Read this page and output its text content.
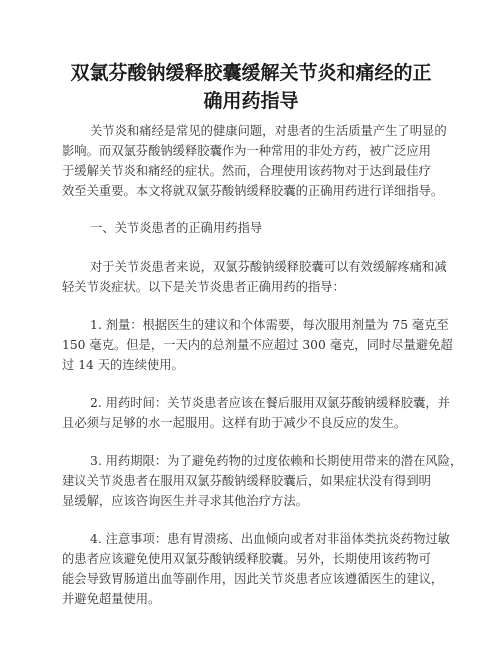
双氯芬酸钠缓释胶囊缓解关节炎和痛经的正
确用药指导

关节炎和痛经是常见的健康问题，对患者的生活质量产生了明显的
影响。而双氯芬酸钠缓释胶囊作为一种常用的非处方药，被广泛应用
于缓解关节炎和痛经的症状。然而，合理使用该药物对于达到最佳疗
效至关重要。本文将就双氯芬酸钠缓释胶囊的正确用药进行详细指导。

一、关节炎患者的正确用药指导

对于关节炎患者来说，双氯芬酸钠缓释胶囊可以有效缓解疼痛和减
轻关节炎症状。以下是关节炎患者正确用药的指导：

1. 剂量：根据医生的建议和个体需要，每次服用剂量为 75 毫克至
150 毫克。但是，一天内的总剂量不应超过 300 毫克，同时尽量避免超
过 14 天的连续使用。

2. 用药时间：关节炎患者应该在餐后服用双氯芬酸钠缓释胶囊，并
且必须与足够的水一起服用。这样有助于减少不良反应的发生。

3. 用药期限：为了避免药物的过度依赖和长期使用带来的潜在风险，
建议关节炎患者在服用双氯芬酸钠缓释胶囊后，如果症状没有得到明
显缓解，应该咨询医生并寻求其他治疗方法。

4. 注意事项：患有胃溃疡、出血倾向或者对非甾体类抗炎药物过敏
的患者应该避免使用双氯芬酸钠缓释胶囊。另外，长期使用该药物可
能会导致胃肠道出血等副作用，因此关节炎患者应该遵循医生的建议，
并避免超量使用。
